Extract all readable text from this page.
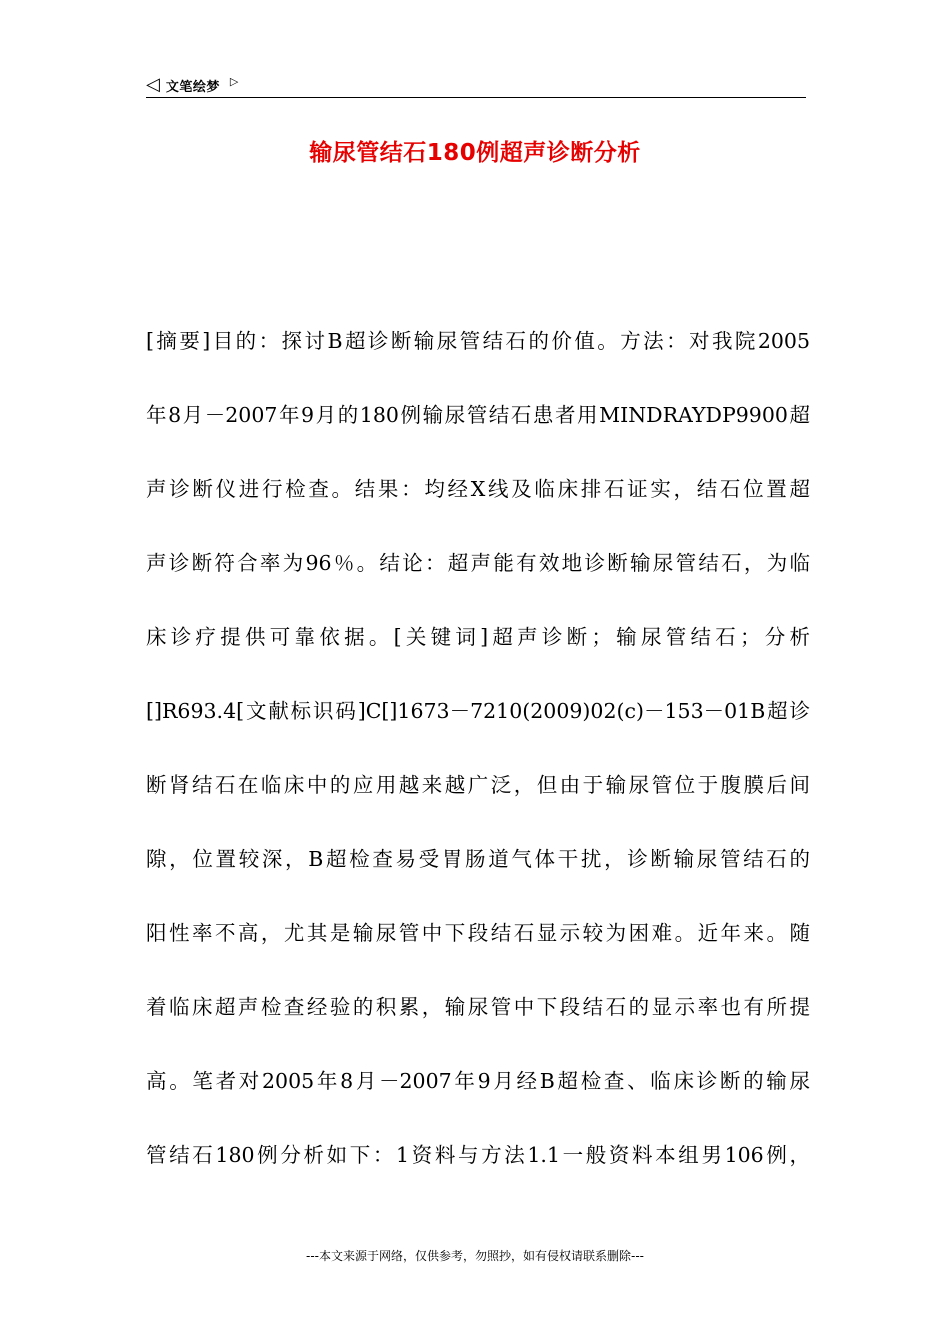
◁ 文笔绘梦 ▷
输尿管结石180例超声诊断分析
[摘要]目的：探讨B超诊断输尿管结石的价值。方法：对我院2005
年8月－2007年9月的180例输尿管结石患者用MINDRAYDP9900超
声诊断仪进行检查。结果：均经X线及临床排石证实，结石位置超
声诊断符合率为96％。结论：超声能有效地诊断输尿管结石，为临
床诊疗提供可靠依据。[关键词]超声诊断；输尿管结石；分析
[]R693.4[文献标识码]C[]1673－7210(2009)02(c)－153－01B超诊
断肾结石在临床中的应用越来越广泛，但由于输尿管位于腹膜后间
隙，位置较深，B超检查易受胃肠道气体干扰，诊断输尿管结石的
阳性率不高，尤其是输尿管中下段结石显示较为困难。近年来。随
着临床超声检查经验的积累，输尿管中下段结石的显示率也有所提
高。笔者对2005年8月－2007年9月经B超检查、临床诊断的输尿
管结石180例分析如下：1资料与方法1.1一般资料本组男106例，
---本文来源于网络，仅供参考，勿照抄，如有侵权请联系删除---
